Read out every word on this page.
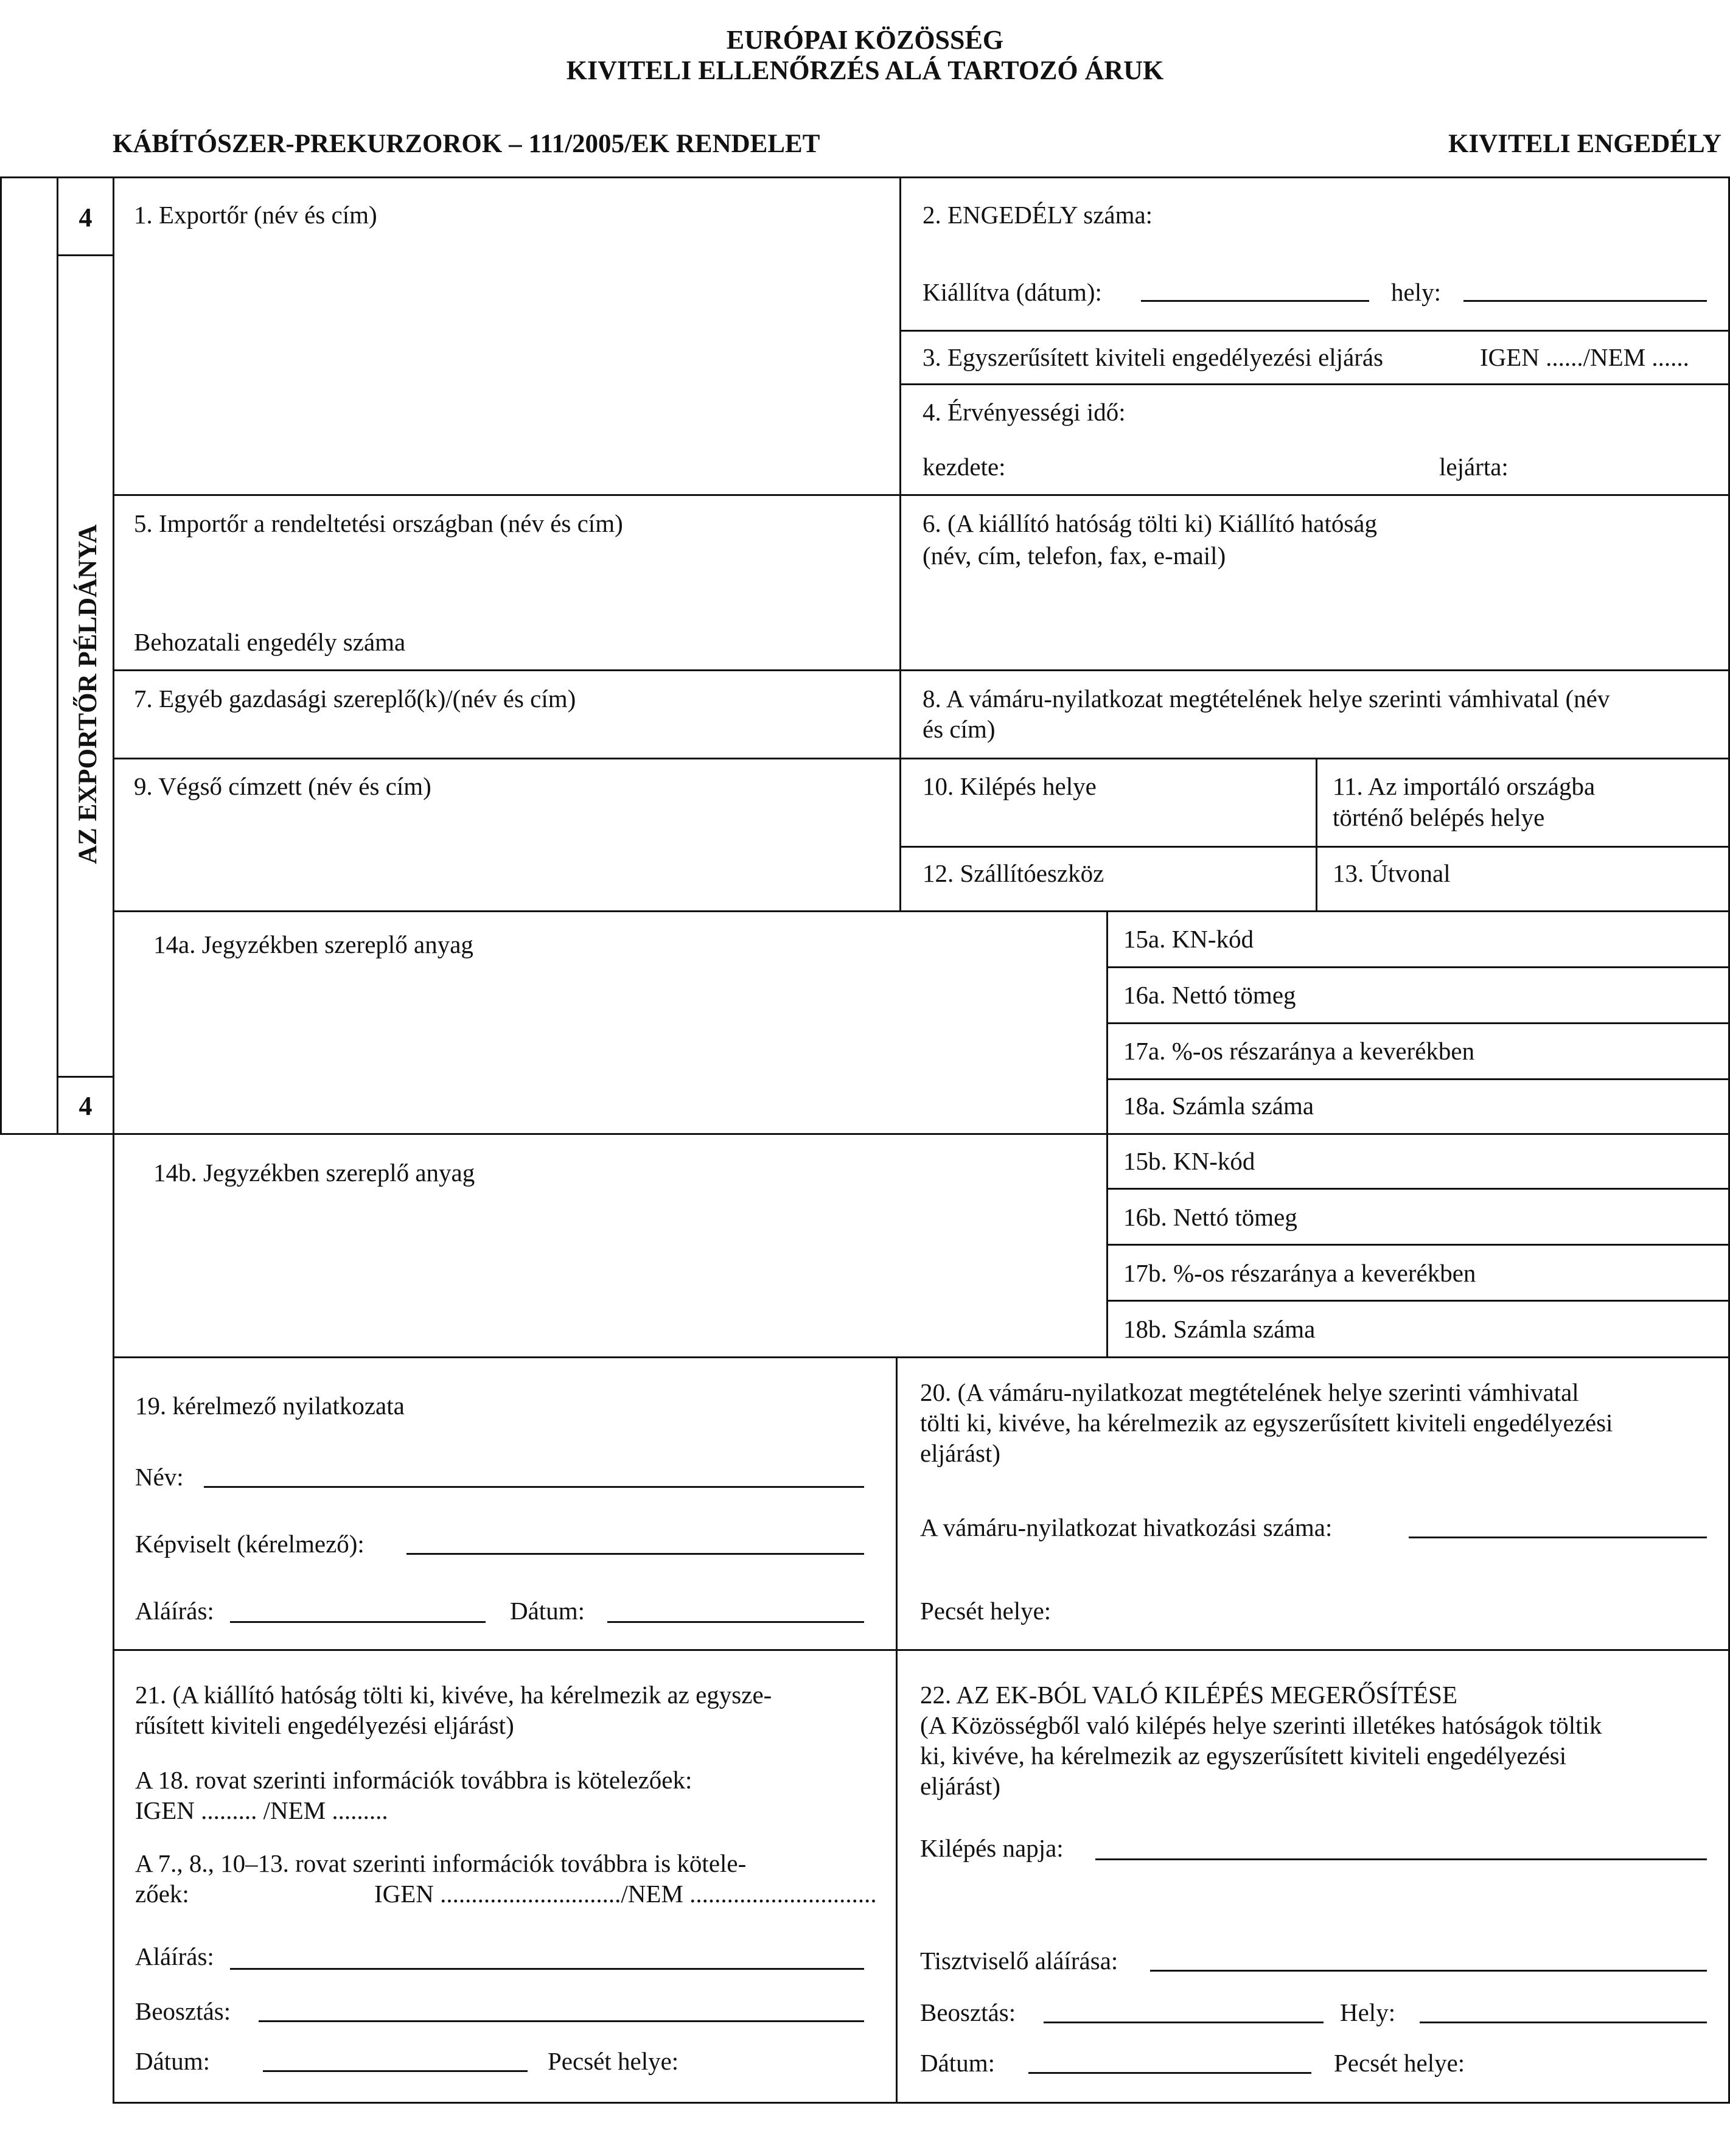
EURÓPAI KÖZÖSSÉG
KIVITELI ELLENŐRZÉS ALÁ TARTOZÓ ÁRUK
KÁBÍTÓSZER-PREKURZOROK – 111/2005/EK RENDELET	KIVITELI ENGEDÉLY
4
4
AZ EXPORTŐR PÉLDÁNYA
1. Exportőr (név és cím)	2. ENGEDÉLY száma:
Kiállítva (dátum):	hely:
3. Egyszerűsített kiviteli engedélyezési eljárás	IGEN ....../NEM ......
4. Érvényességi idő:
kezdete:	lejárta:
5. Importőr a rendeltetési országban (név és cím)
Behozatali engedély száma
6. (A kiállító hatóság tölti ki) Kiállító hatóság
(név, cím, telefon, fax, e-mail)
7. Egyéb gazdasági szereplő(k)/(név és cím)	8. A vámáru-nyilatkozat megtételének helye szerinti vámhivatal (név
és cím)
9. Végső címzett (név és cím)	10. Kilépés helye	11. Az importáló országba
történő belépés helye
12. Szállítóeszköz	13. Útvonal
14a. Jegyzékben szereplő anyag	15a. KN-kód
16a. Nettó tömeg
17a. %-os részaránya a keverékben
18a. Számla száma
14b. Jegyzékben szereplő anyag	15b. KN-kód
16b. Nettó tömeg
17b. %-os részaránya a keverékben
18b. Számla száma
19. kérelmező nyilatkozata
Név:
Képviselt (kérelmező):
Aláírás:	Dátum:
20. (A vámáru-nyilatkozat megtételének helye szerinti vámhivatal
tölti ki, kivéve, ha kérelmezik az egyszerűsített kiviteli engedélyezési
eljárást)
A vámáru-nyilatkozat hivatkozási száma:
Pecsét helye:
21. (A kiállító hatóság tölti ki, kivéve, ha kérelmezik az egysze-
rűsített kiviteli engedélyezési eljárást)
A 18. rovat szerinti információk továbbra is kötelezőek:
IGEN ......... /NEM .........
A 7., 8., 10–13. rovat szerinti információk továbbra is kötele-
zőek:	IGEN ............................./NEM ..............................
Aláírás:
Beosztás:
Dátum:	Pecsét helye:
22. AZ EK-BÓL VALÓ KILÉPÉS MEGERŐSÍTÉSE
(A Közösségből való kilépés helye szerinti illetékes hatóságok töltik
ki, kivéve, ha kérelmezik az egyszerűsített kiviteli engedélyezési
eljárást)
Kilépés napja:
Tisztviselő aláírása:
Beosztás:	Hely:
Dátum:	Pecsét helye:
